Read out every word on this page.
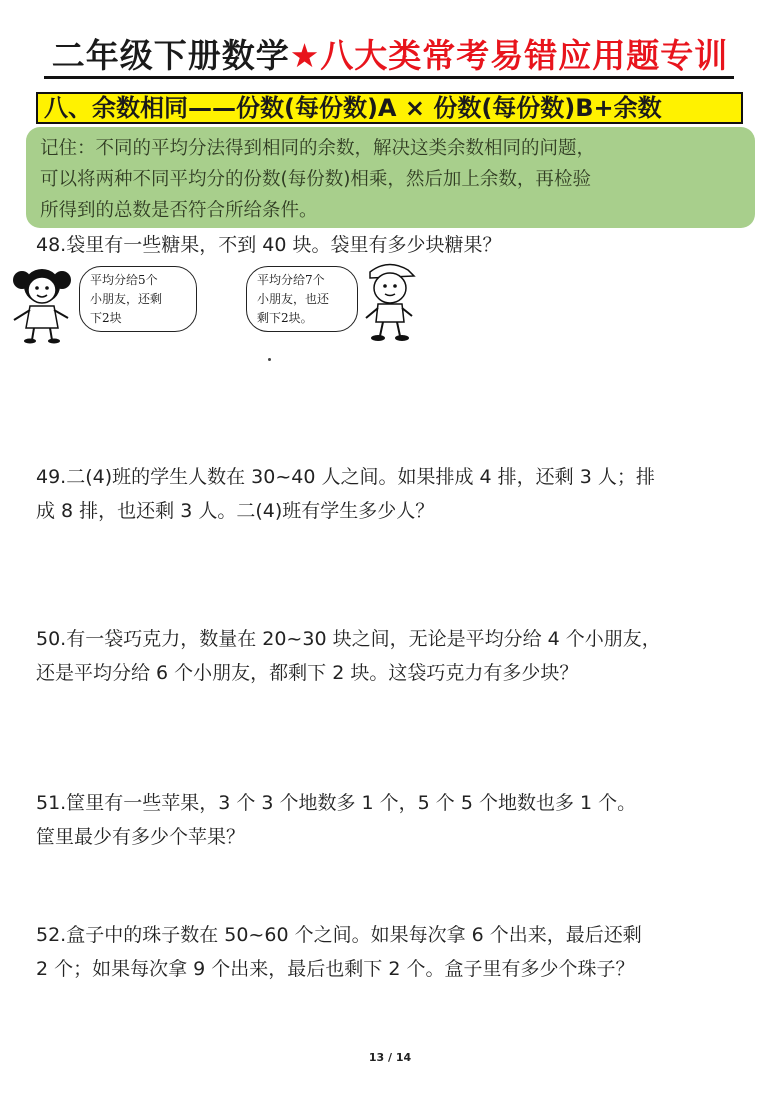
二年级下册数学★八大类常考易错应用题专训
八、余数相同——份数(每份数)A × 份数(每份数)B+余数

记住：不同的平均分法得到相同的余数，解决这类余数相同的问题，

可以将两种不同平均分的份数(每份数)相乘，然后加上余数，再检验

所得到的总数是否符合所给条件。

48.袋里有一些糖果，不到 40 块。袋里有多少块糖果？

平均分给5个

小朋友，还剩

下2块

平均分给7个

小朋友，也还

剩下2块。

49.二(4)班的学生人数在 30~40 人之间。如果排成 4 排，还剩 3 人；排

成 8 排，也还剩 3 人。二(4)班有学生多少人？

50.有一袋巧克力，数量在 20~30 块之间，无论是平均分给 4 个小朋友，

还是平均分给 6 个小朋友，都剩下 2 块。这袋巧克力有多少块？

51.筐里有一些苹果，3 个 3 个地数多 1 个，5 个 5 个地数也多 1 个。

筐里最少有多少个苹果？

52.盒子中的珠子数在 50~60 个之间。如果每次拿 6 个出来，最后还剩

2 个；如果每次拿 9 个出来，最后也剩下 2 个。盒子里有多少个珠子？

13 / 14
